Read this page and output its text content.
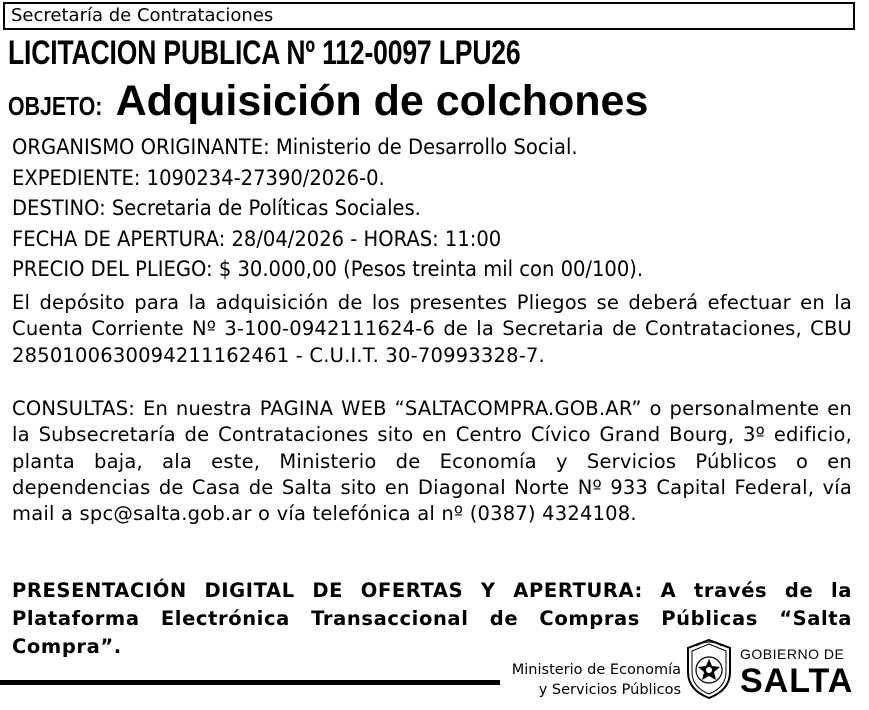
Secretaría de Contrataciones
LICITACION PUBLICA Nº 112-0097 LPU26
OBJETO: Adquisición de colchones
ORGANISMO ORIGINANTE: Ministerio de Desarrollo Social.
EXPEDIENTE: 1090234-27390/2026-0.
DESTINO: Secretaria de Políticas Sociales.
FECHA DE APERTURA: 28/04/2026 - HORAS: 11:00
PRECIO DEL PLIEGO: $ 30.000,00 (Pesos treinta mil con 00/100).

El depósito para la adquisición de los presentes Pliegos se deberá efectuar en la Cuenta Corriente Nº 3-100-0942111624-6 de la Secretaria de Contrataciones, CBU 2850100630094211162461 - C.U.I.T. 30-70993328-7.

CONSULTAS: En nuestra PAGINA WEB “SALTACOMPRA.GOB.AR” o personalmente en la Subsecretaría de Contrataciones sito en Centro Cívico Grand Bourg, 3º edificio, planta baja, ala este, Ministerio de Economía y Servicios Públicos o en dependencias de Casa de Salta sito en Diagonal Norte Nº 933 Capital Federal, vía mail a spc@salta.gob.ar o vía telefónica al nº (0387) 4324108.

PRESENTACIÓN DIGITAL DE OFERTAS Y APERTURA: A través de la Plataforma Electrónica Transaccional de Compras Públicas “Salta Compra”.

Ministerio de Economía
y Servicios Públicos
GOBIERNO DE
SALTA
